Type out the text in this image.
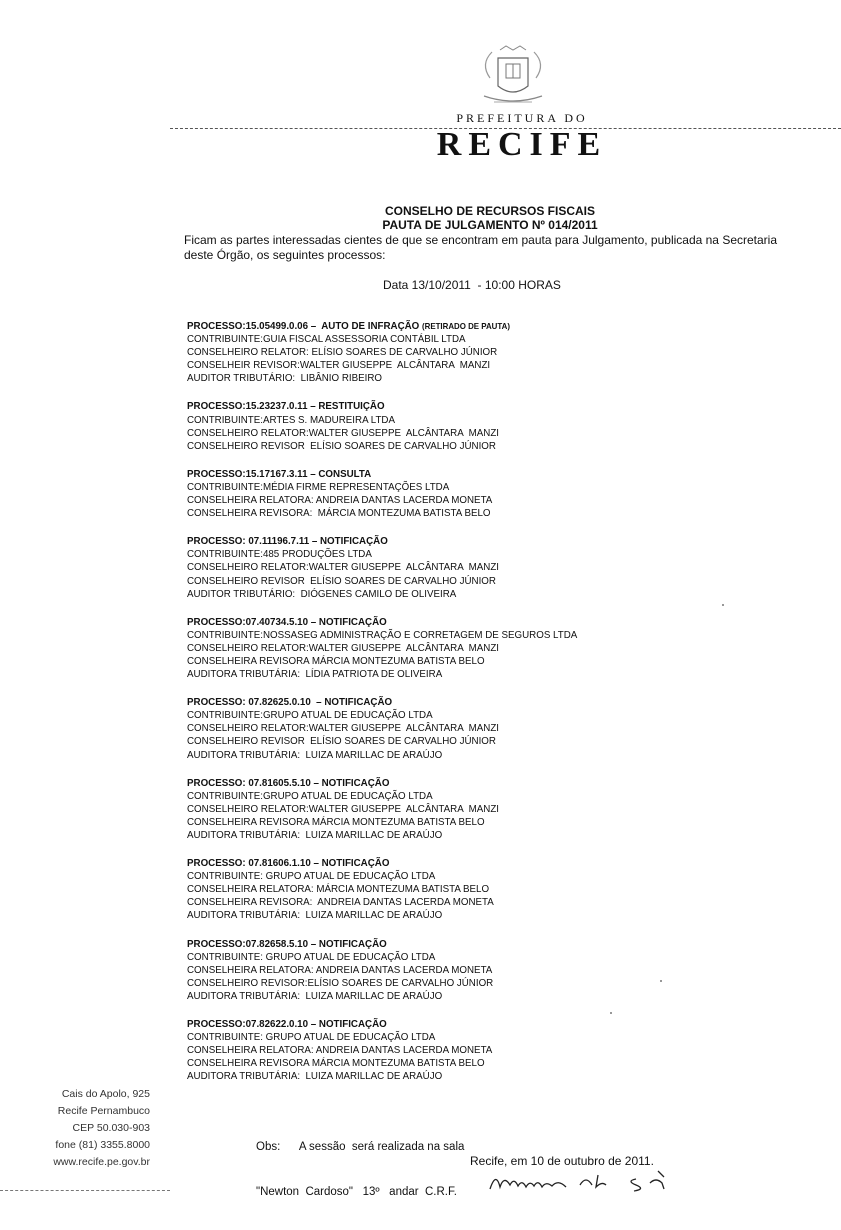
PREFEITURA DO
RECIFE
CONSELHO DE RECURSOS FISCAIS
PAUTA DE JULGAMENTO Nº 014/2011
Ficam as partes interessadas cientes de que se encontram em pauta para Julgamento, publicada na Secretaria deste Órgão, os seguintes processos:
Data 13/10/2011  - 10:00 HORAS
PROCESSO:15.05499.0.06 –  AUTO DE INFRAÇÃO (RETIRADO DE PAUTA)
CONTRIBUINTE:GUIA FISCAL ASSESSORIA CONTÁBIL LTDA
CONSELHEIRO RELATOR: ELÍSIO SOARES DE CARVALHO JÚNIOR
CONSELHEIR REVISOR:WALTER GIUSEPPE  ALCÂNTARA  MANZI
AUDITOR TRIBUTÁRIO:  LIBÂNIO RIBEIRO
PROCESSO:15.23237.0.11 – RESTITUIÇÃO
CONTRIBUINTE:ARTES S. MADUREIRA LTDA
CONSELHEIRO RELATOR:WALTER GIUSEPPE  ALCÂNTARA  MANZI
CONSELHEIRO REVISOR  ELÍSIO SOARES DE CARVALHO JÚNIOR
PROCESSO:15.17167.3.11 – CONSULTA
CONTRIBUINTE:MÉDIA FIRME REPRESENTAÇÕES LTDA
CONSELHEIRA RELATORA: ANDREIA DANTAS LACERDA MONETA
CONSELHEIRA REVISORA:  MÁRCIA MONTEZUMA BATISTA BELO
PROCESSO: 07.11196.7.11 – NOTIFICAÇÃO
CONTRIBUINTE:485 PRODUÇÕES LTDA
CONSELHEIRO RELATOR:WALTER GIUSEPPE  ALCÂNTARA  MANZI
CONSELHEIRO REVISOR  ELÍSIO SOARES DE CARVALHO JÚNIOR
AUDITOR TRIBUTÁRIO:  DIÓGENES CAMILO DE OLIVEIRA
PROCESSO:07.40734.5.10 – NOTIFICAÇÃO
CONTRIBUINTE:NOSSASEG ADMINISTRAÇÃO E CORRETAGEM DE SEGUROS LTDA
CONSELHEIRO RELATOR:WALTER GIUSEPPE  ALCÂNTARA  MANZI
CONSELHEIRA REVISORA MÁRCIA MONTEZUMA BATISTA BELO
AUDITORA TRIBUTÁRIA:  LÍDIA PATRIOTA DE OLIVEIRA
PROCESSO: 07.82625.0.10  – NOTIFICAÇÃO
CONTRIBUINTE:GRUPO ATUAL DE EDUCAÇÃO LTDA
CONSELHEIRO RELATOR:WALTER GIUSEPPE  ALCÂNTARA  MANZI
CONSELHEIRO REVISOR  ELÍSIO SOARES DE CARVALHO JÚNIOR
AUDITORA TRIBUTÁRIA:  LUIZA MARILLAC DE ARAÚJO
PROCESSO: 07.81605.5.10 – NOTIFICAÇÃO
CONTRIBUINTE:GRUPO ATUAL DE EDUCAÇÃO LTDA
CONSELHEIRO RELATOR:WALTER GIUSEPPE  ALCÂNTARA  MANZI
CONSELHEIRA REVISORA MÁRCIA MONTEZUMA BATISTA BELO
AUDITORA TRIBUTÁRIA:  LUIZA MARILLAC DE ARAÚJO
PROCESSO: 07.81606.1.10 – NOTIFICAÇÃO
CONTRIBUINTE: GRUPO ATUAL DE EDUCAÇÃO LTDA
CONSELHEIRA RELATORA: MÁRCIA MONTEZUMA BATISTA BELO
CONSELHEIRA REVISORA:  ANDREIA DANTAS LACERDA MONETA
AUDITORA TRIBUTÁRIA:  LUIZA MARILLAC DE ARAÚJO
PROCESSO:07.82658.5.10 – NOTIFICAÇÃO
CONTRIBUINTE: GRUPO ATUAL DE EDUCAÇÃO LTDA
CONSELHEIRA RELATORA: ANDREIA DANTAS LACERDA MONETA
CONSELHEIRO REVISOR:ELÍSIO SOARES DE CARVALHO JÚNIOR
AUDITORA TRIBUTÁRIA:  LUIZA MARILLAC DE ARAÚJO
PROCESSO:07.82622.0.10 – NOTIFICAÇÃO
CONTRIBUINTE: GRUPO ATUAL DE EDUCAÇÃO LTDA
CONSELHEIRA RELATORA: ANDREIA DANTAS LACERDA MONETA
CONSELHEIRA REVISORA MÁRCIA MONTEZUMA BATISTA BELO
AUDITORA TRIBUTÁRIA:  LUIZA MARILLAC DE ARAÚJO
Cais do Apolo, 925
Recife Pernambuco
CEP 50.030-903
fone (81) 3355.8000
www.recife.pe.gov.br

Obs:      A sessão  será realizada na sala

"Newton  Cardoso"   13º   andar  C.R.F.

Recife, em 10 de outubro de 2011.
